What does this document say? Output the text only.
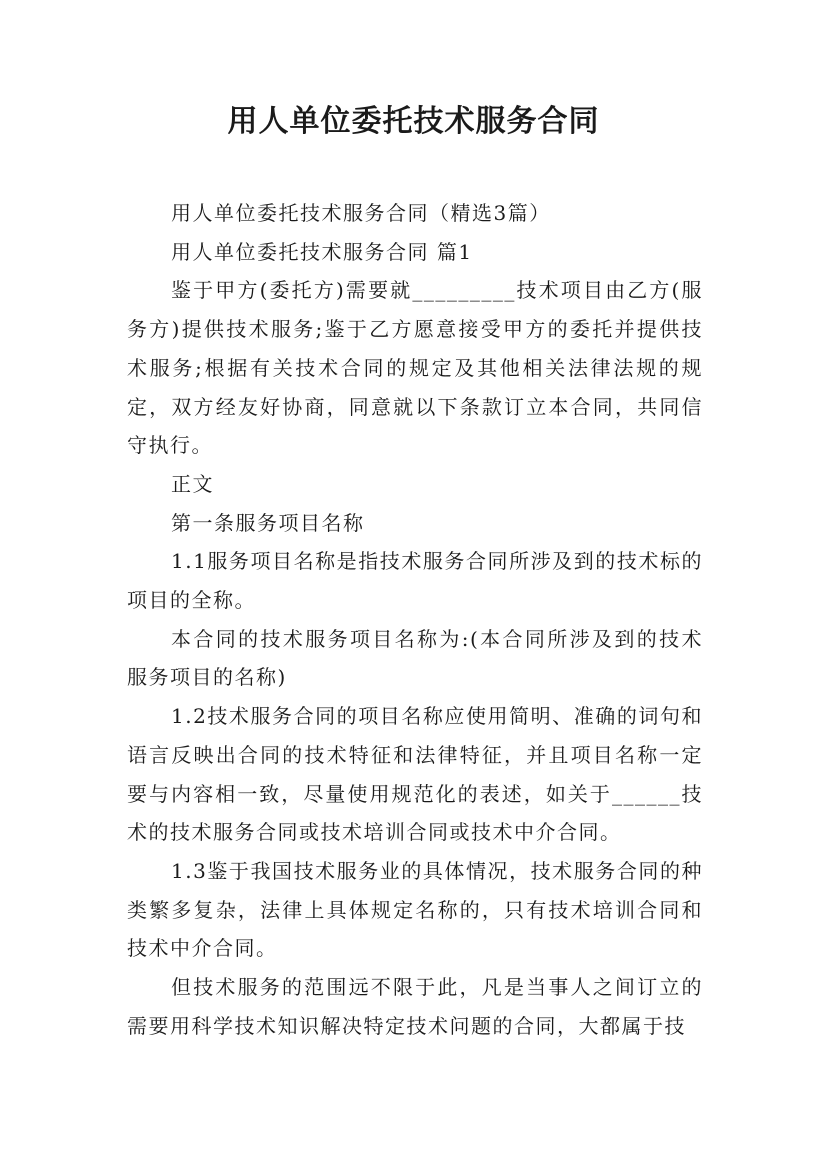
用人单位委托技术服务合同

用人单位委托技术服务合同（精选3篇）

用人单位委托技术服务合同 篇1

鉴于甲方(委托方)需要就_________技术项目由乙方(服务方)提供技术服务;鉴于乙方愿意接受甲方的委托并提供技术服务;根据有关技术合同的规定及其他相关法律法规的规定，双方经友好协商，同意就以下条款订立本合同，共同信守执行。

正文

第一条服务项目名称

1.1服务项目名称是指技术服务合同所涉及到的技术标的项目的全称。

本合同的技术服务项目名称为:(本合同所涉及到的技术服务项目的名称)

1.2技术服务合同的项目名称应使用简明、准确的词句和语言反映出合同的技术特征和法律特征，并且项目名称一定要与内容相一致，尽量使用规范化的表述，如关于______技术的技术服务合同或技术培训合同或技术中介合同。

1.3鉴于我国技术服务业的具体情况，技术服务合同的种类繁多复杂，法律上具体规定名称的，只有技术培训合同和技术中介合同。

但技术服务的范围远不限于此，凡是当事人之间订立的需要用科学技术知识解决特定技术问题的合同，大都属于技
